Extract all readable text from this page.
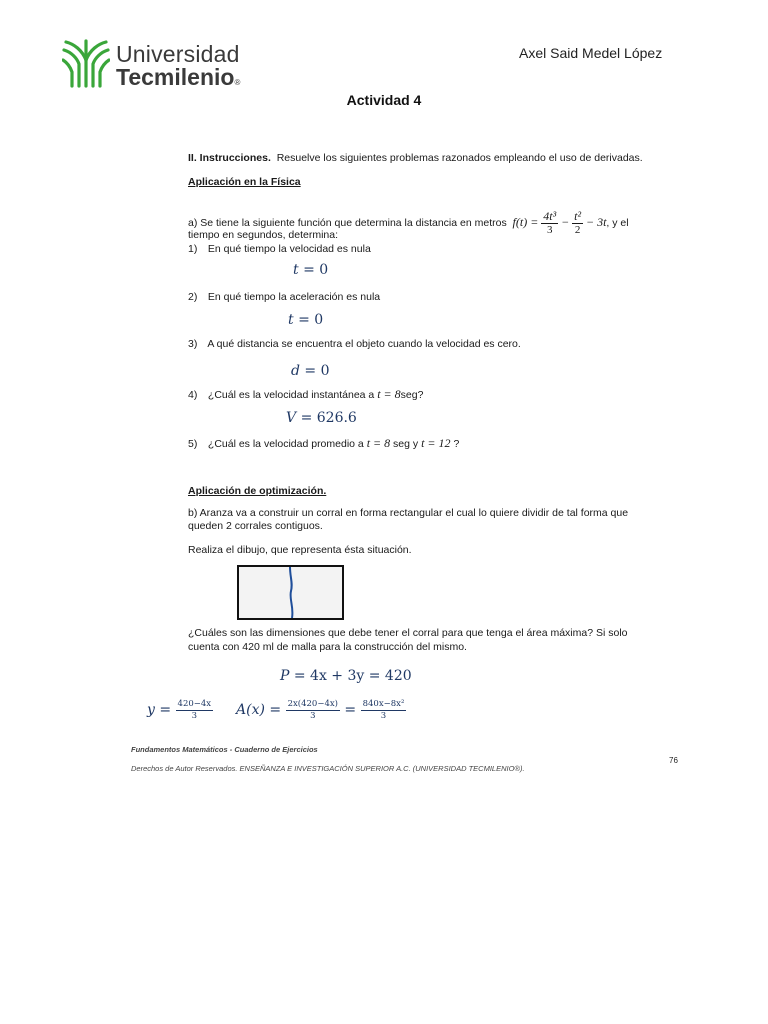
Universidad
Tecmilenio®
Axel Said Medel López
Actividad 4
II. Instrucciones. Resuelve los siguientes problemas razonados empleando el uso de derivadas.
Aplicación en la Física
a) Se tiene la siguiente función que determina la distancia en metros $f(t) = \frac{\text{4t³}}{3} - \frac{\text{t²}}{2} - 3t$, y el
tiempo en segundos, determina:
1) En qué tiempo la velocidad es nula
t = 0
2) En qué tiempo la aceleración es nula
t = 0
3) A qué distancia se encuentra el objeto cuando la velocidad es cero.
d = 0
4) ¿Cuál es la velocidad instantánea a t = 8seg?
V = 626.6
5) ¿Cuál es la velocidad promedio a t = 8 seg y t = 12 ?
Aplicación de optimización.
b) Aranza va a construir un corral en forma rectangular el cual lo quiere dividir de tal forma que
queden 2 corrales contiguos.
Realiza el dibujo, que representa ésta situación.
¿Cuáles son las dimensiones que debe tener el corral para que tenga el área máxima? Si solo
cuenta con 420 ml de malla para la construcción del mismo.
P = 4x + 3y = 420
$y = \frac{420-4x}{3} A(x) = \frac{2x(420-4x)}{3} = \frac{\text{840x−8x²}}{3}$
Fundamentos Matemáticos - Cuaderno de Ejercicios
Derechos de Autor Reservados. ENSEÑANZA E INVESTIGACIÓN SUPERIOR A.C. (UNIVERSIDAD TECMILENIO®).
76
